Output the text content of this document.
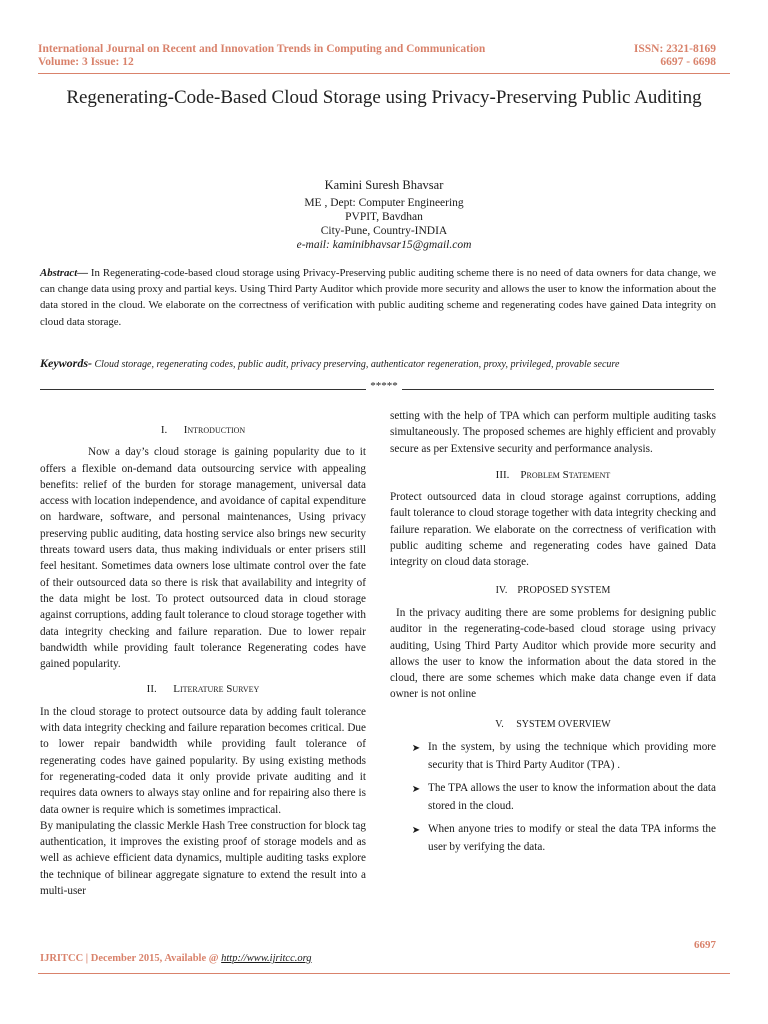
International Journal on Recent and Innovation Trends in Computing and Communication
Volume: 3 Issue: 12
ISSN: 2321-8169
6697 - 6698
Regenerating-Code-Based Cloud Storage using Privacy-Preserving Public Auditing
Kamini Suresh Bhavsar
ME , Dept: Computer Engineering
PVPIT, Bavdhan
City-Pune, Country-INDIA
e-mail: kaminibhavsar15@gmail.com
Abstract— In Regenerating-code-based cloud storage using Privacy-Preserving public auditing scheme there is no need of data owners for data change, we can change data using proxy and partial keys. Using Third Party Auditor which provide more security and allows the user to know the information about the data stored in the cloud. We elaborate on the correctness of verification with public auditing scheme and regenerating codes have gained Data integrity on cloud data storage.
Keywords- Cloud storage, regenerating codes, public audit, privacy preserving, authenticator regeneration, proxy, privileged, provable secure
*****
I. Introduction

Now a day’s cloud storage is gaining popularity due to it offers a flexible on-demand data outsourcing service with appealing benefits: relief of the burden for storage management, universal data access with location independence, and avoidance of capital expenditure on hardware, software, and personal maintenances, Using privacy preserving public auditing, data hosting service also brings new security threats toward users data, thus making individuals or enter prisers still feel hesitant. Sometimes data owners lose ultimate control over the fate of their outsourced data so there is risk that availability and integrity of the data might be lost. To protect outsourced data in cloud storage against corruptions, adding fault tolerance to cloud storage together with data integrity checking and failure reparation. Due to lower repair bandwidth while providing fault tolerance Regenerating codes have gained popularity.

II. Literature Survey

In the cloud storage to protect outsource data by adding fault tolerance with data integrity checking and failure reparation becomes critical. Due to lower repair bandwidth while providing fault tolerance of regenerating codes have gained popularity. By using existing methods for regenerating-coded data it only provide private auditing and it requires data owners to always stay online and for repairing also there is data owner is require which is sometimes impractical.

By manipulating the classic Merkle Hash Tree construction for block tag authentication, it improves the existing proof of storage models and as well as achieve efficient data dynamics, multiple auditing tasks explore the technique of bilinear aggregate signature to extend the result into a multi-user

setting with the help of TPA which can perform multiple auditing tasks simultaneously. The proposed schemes are highly efficient and provably secure as per Extensive security and performance analysis.

III. Problem Statement

Protect outsourced data in cloud storage against corruptions, adding fault tolerance to cloud storage together with data integrity checking and failure reparation. We elaborate on the correctness of verification with public auditing scheme and regenerating codes have gained Data integrity on cloud data storage.

IV. PROPOSED SYSTEM

In the privacy auditing there are some problems for designing public auditor in the regenerating-code-based cloud storage using privacy auditing, Using Third Party Auditor which provide more security and allows the user to know the information about the data stored in the cloud, there are some schemes which make data change even if data owner is not online

V. SYSTEM OVERVIEW
➤ In the system, by using the technique which providing more security that is Third Party Auditor (TPA) .
➤ The TPA allows the user to know the information about the data stored in the cloud.
➤ When anyone tries to modify or steal the data TPA informs the user by verifying the data.
6697
IJRITCC | December 2015, Available @ http://www.ijritcc.org
